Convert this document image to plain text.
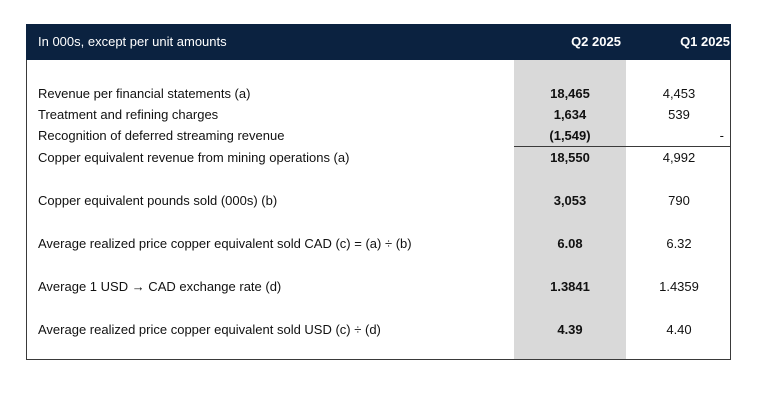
In 000s, except per unit amounts	Q2 2025	Q1 2025
Revenue per financial statements (a)	18,465	4,453
Treatment and refining charges	1,634	539
Recognition of deferred streaming revenue	(1,549)	-
Copper equivalent revenue from mining operations (a)	18,550	4,992
Copper equivalent pounds sold (000s) (b)	3,053	790
Average realized price copper equivalent sold CAD (c) = (a) ÷ (b)	6.08	6.32
Average 1 USD → CAD exchange rate (d)	1.3841	1.4359
Average realized price copper equivalent sold USD (c) ÷ (d)	4.39	4.40
